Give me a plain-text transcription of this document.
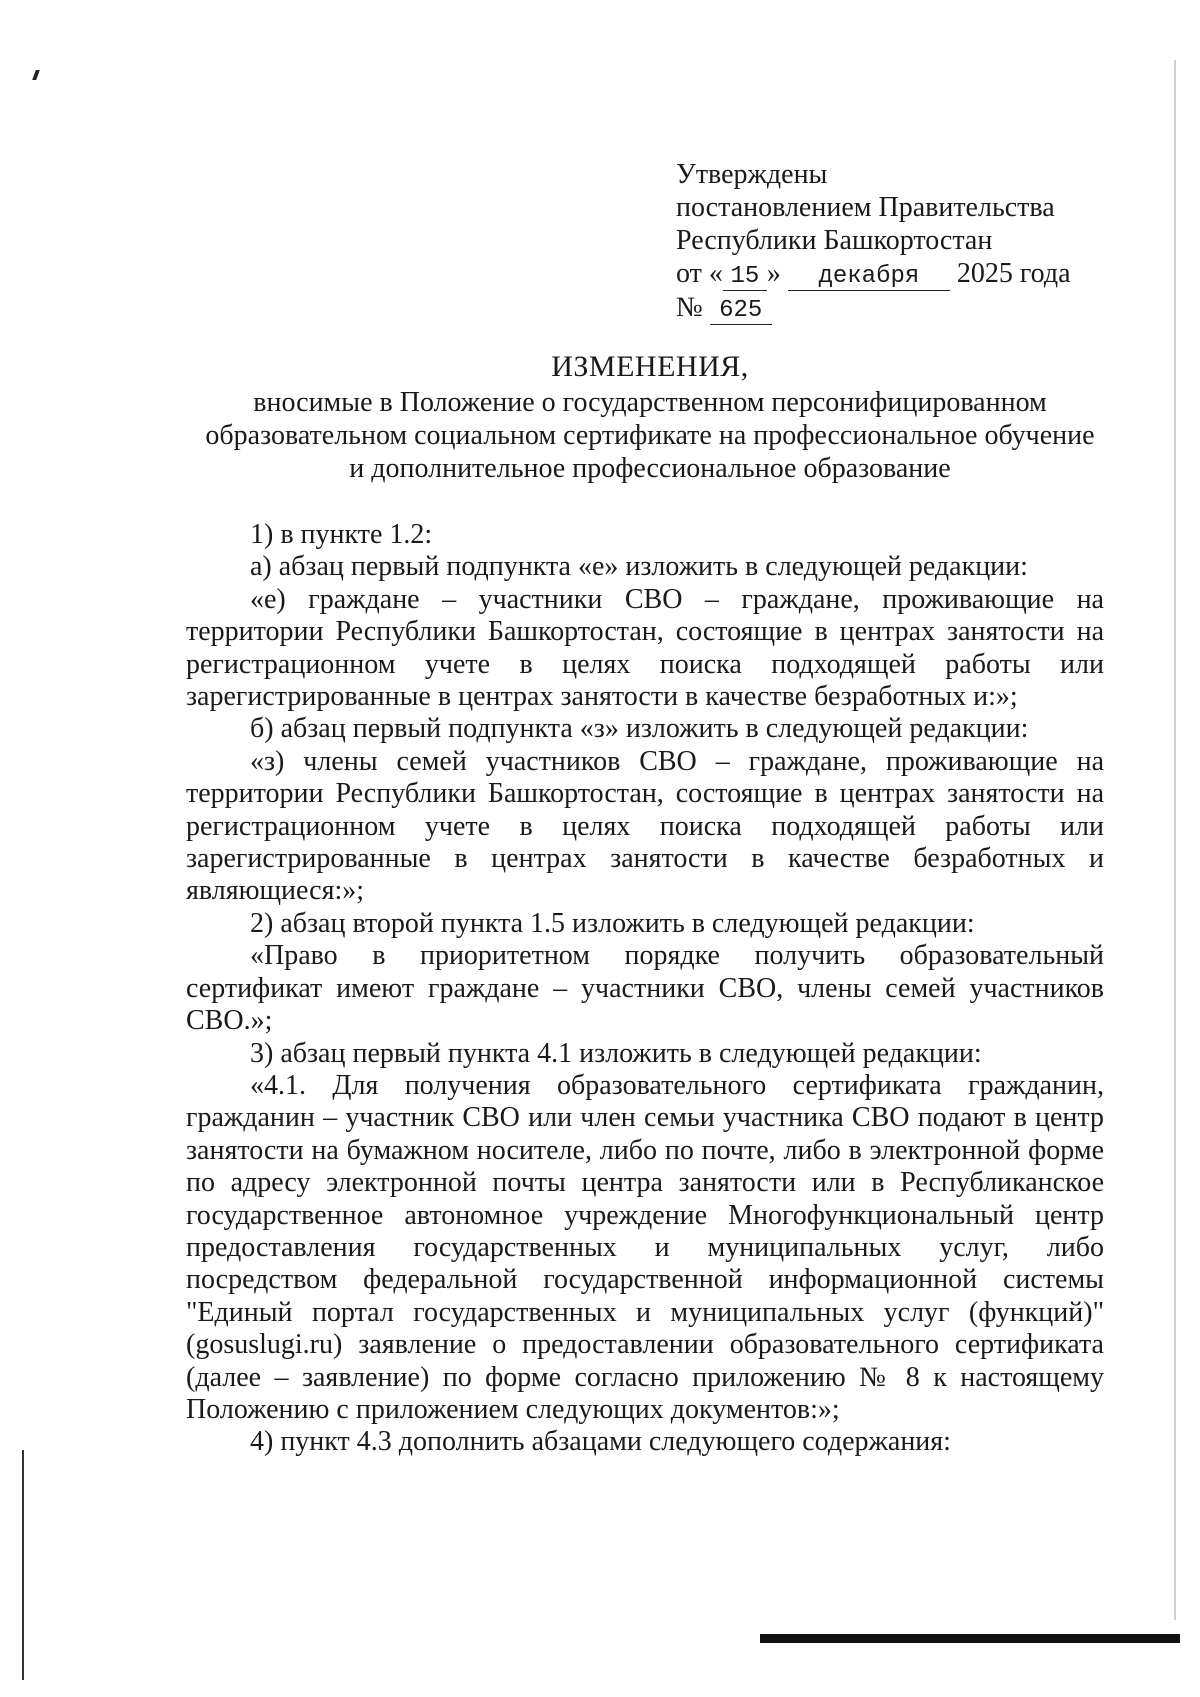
Утверждены
постановлением Правительства
Республики Башкортостан
от « 15 » декабря 2025 года
№ 625
ИЗМЕНЕНИЯ,
вносимые в Положение о государственном персонифицированном образовательном социальном сертификате на профессиональное обучение и дополнительное профессиональное образование

1) в пункте 1.2:

а) абзац первый подпункта «е» изложить в следующей редакции:

«е) граждане – участники СВО – граждане, проживающие на территории Республики Башкортостан, состоящие в центрах занятости на регистрационном учете в целях поиска подходящей работы или зарегистрированные в центрах занятости в качестве безработных и:»;

б) абзац первый подпункта «з» изложить в следующей редакции:

«з) члены семей участников СВО – граждане, проживающие на территории Республики Башкортостан, состоящие в центрах занятости на регистрационном учете в целях поиска подходящей работы или зарегистрированные в центрах занятости в качестве безработных и являющиеся:»;

2) абзац второй пункта 1.5 изложить в следующей редакции:

«Право в приоритетном порядке получить образовательный сертификат имеют граждане – участники СВО, члены семей участников СВО.»;

3) абзац первый пункта 4.1 изложить в следующей редакции:

«4.1. Для получения образовательного сертификата гражданин, гражданин – участник СВО или член семьи участника СВО подают в центр занятости на бумажном носителе, либо по почте, либо в электронной форме по адресу электронной почты центра занятости или в Республиканское государственное автономное учреждение Многофункциональный центр предоставления государственных и муниципальных услуг, либо посредством федеральной государственной информационной системы "Единый портал государственных и муниципальных услуг (функций)" (gosuslugi.ru) заявление о предоставлении образовательного сертификата (далее – заявление) по форме согласно приложению № 8 к настоящему Положению с приложением следующих документов:»;

4) пункт 4.3 дополнить абзацами следующего содержания:
